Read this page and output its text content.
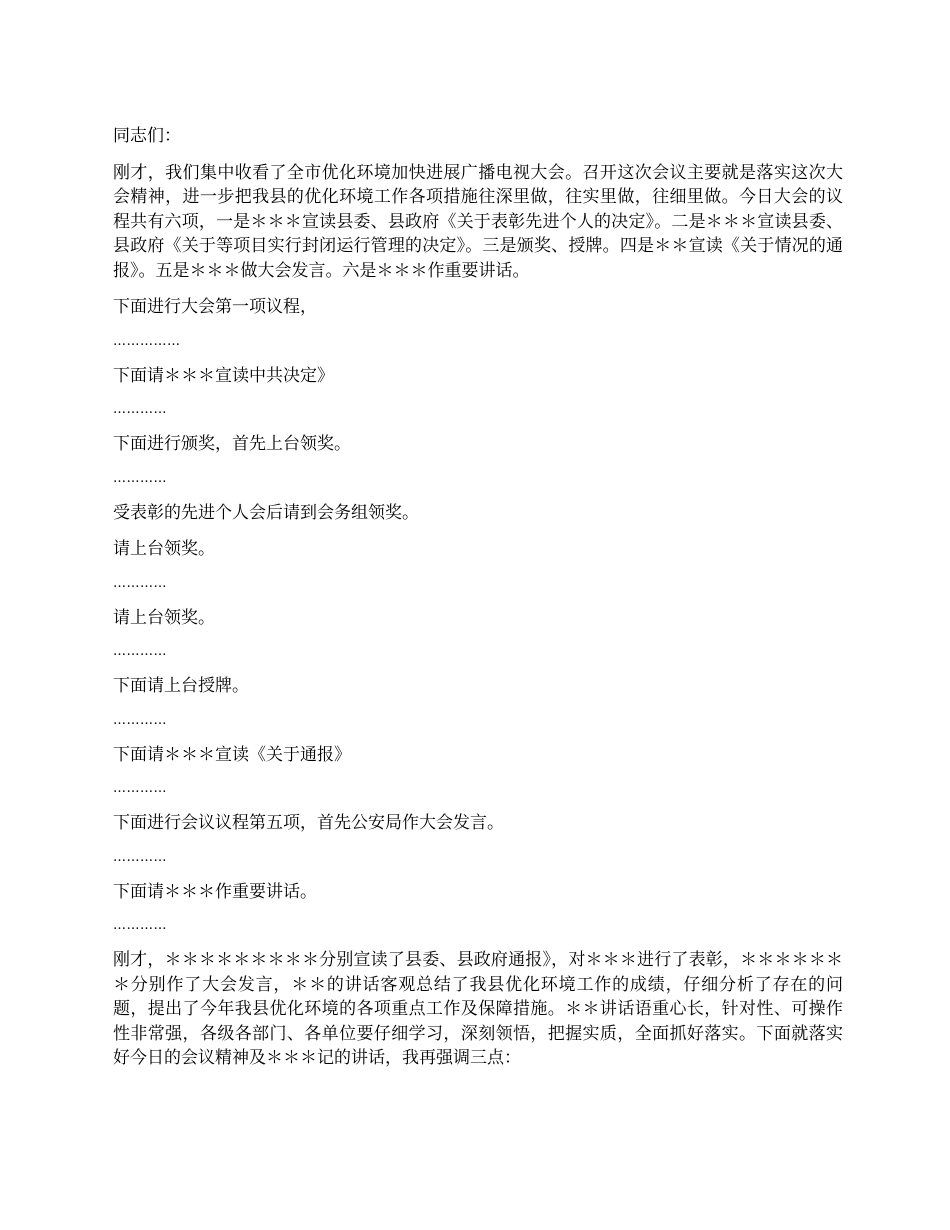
同志们：

刚才，我们集中收看了全市优化环境加快进展广播电视大会。召开这次会议主要就是落实这次大会精神，进一步把我县的优化环境工作各项措施往深里做，往实里做，往细里做。今日大会的议程共有六项，一是＊＊＊宣读县委、县政府《关于表彰先进个人的决定》。二是＊＊＊宣读县委、县政府《关于等项目实行封闭运行管理的决定》。三是颁奖、授牌。四是＊＊宣读《关于情况的通报》。五是＊＊＊做大会发言。六是＊＊＊作重要讲话。

下面进行大会第一项议程，

……………

下面请＊＊＊宣读中共决定》

…………

下面进行颁奖，首先上台领奖。

…………

受表彰的先进个人会后请到会务组领奖。

请上台领奖。

…………

请上台领奖。

…………

下面请上台授牌。

…………

下面请＊＊＊宣读《关于通报》

…………

下面进行会议议程第五项，首先公安局作大会发言。

…………

下面请＊＊＊作重要讲话。

…………

刚才，＊＊＊＊＊＊＊＊＊分别宣读了县委、县政府通报》，对＊＊＊进行了表彰，＊＊＊＊＊＊＊分别作了大会发言，＊＊的讲话客观总结了我县优化环境工作的成绩，仔细分析了存在的问题，提出了今年我县优化环境的各项重点工作及保障措施。＊＊讲话语重心长，针对性、可操作性非常强，各级各部门、各单位要仔细学习，深刻领悟，把握实质，全面抓好落实。下面就落实好今日的会议精神及＊＊＊记的讲话，我再强调三点：
